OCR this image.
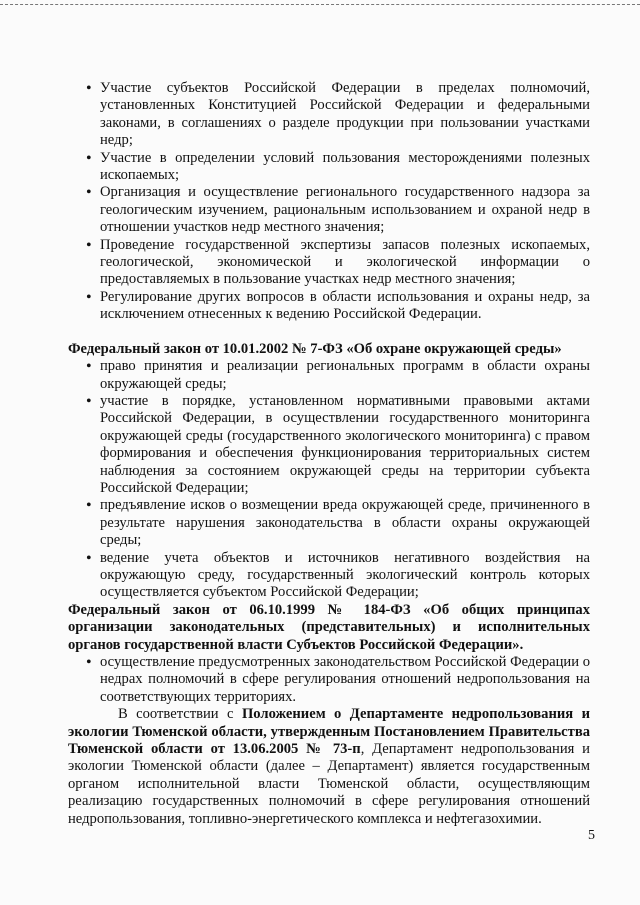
• Участие субъектов Российской Федерации в пределах полномочий, установленных Конституцией Российской Федерации и федеральными законами, в соглашениях о разделе продукции при пользовании участками недр;
• Участие в определении условий пользования месторождениями полезных ископаемых;
• Организация и осуществление регионального государственного надзора за геологическим изучением, рациональным использованием и охраной недр в отношении участков недр местного значения;
• Проведение государственной экспертизы запасов полезных ископаемых, геологической, экономической и экологической информации о предоставляемых в пользование участках недр местного значения;
• Регулирование других вопросов в области использования и охраны недр, за исключением отнесенных к ведению Российской Федерации.

Федеральный закон от 10.01.2002 № 7-ФЗ «Об охране окружающей среды»

• право принятия и реализации региональных программ в области охраны окружающей среды;
• участие в порядке, установленном нормативными правовыми актами Российской Федерации, в осуществлении государственного мониторинга окружающей среды (государственного экологического мониторинга) с правом формирования и обеспечения функционирования территориальных систем наблюдения за состоянием окружающей среды на территории субъекта Российской Федерации;
• предъявление исков о возмещении вреда окружающей среде, причиненного в результате нарушения законодательства в области охраны окружающей среды;
• ведение учета объектов и источников негативного воздействия на окружающую среду, государственный экологический контроль которых осуществляется субъектом Российской Федерации;

Федеральный закон от 06.10.1999 № 184-ФЗ «Об общих принципах организации законодательных (представительных) и исполнительных органов государственной власти Субъектов Российской Федерации».

• осуществление предусмотренных законодательством Российской Федерации о недрах полномочий в сфере регулирования отношений недропользования на соответствующих территориях.

В соответствии с Положением о Департаменте недропользования и экологии Тюменской области, утвержденным Постановлением Правительства Тюменской области от 13.06.2005 № 73-п, Департамент недропользования и экологии Тюменской области (далее – Департамент) является государственным органом исполнительной власти Тюменской области, осуществляющим реализацию государственных полномочий в сфере регулирования отношений недропользования, топливно-энергетического комплекса и нефтегазохимии.

5
